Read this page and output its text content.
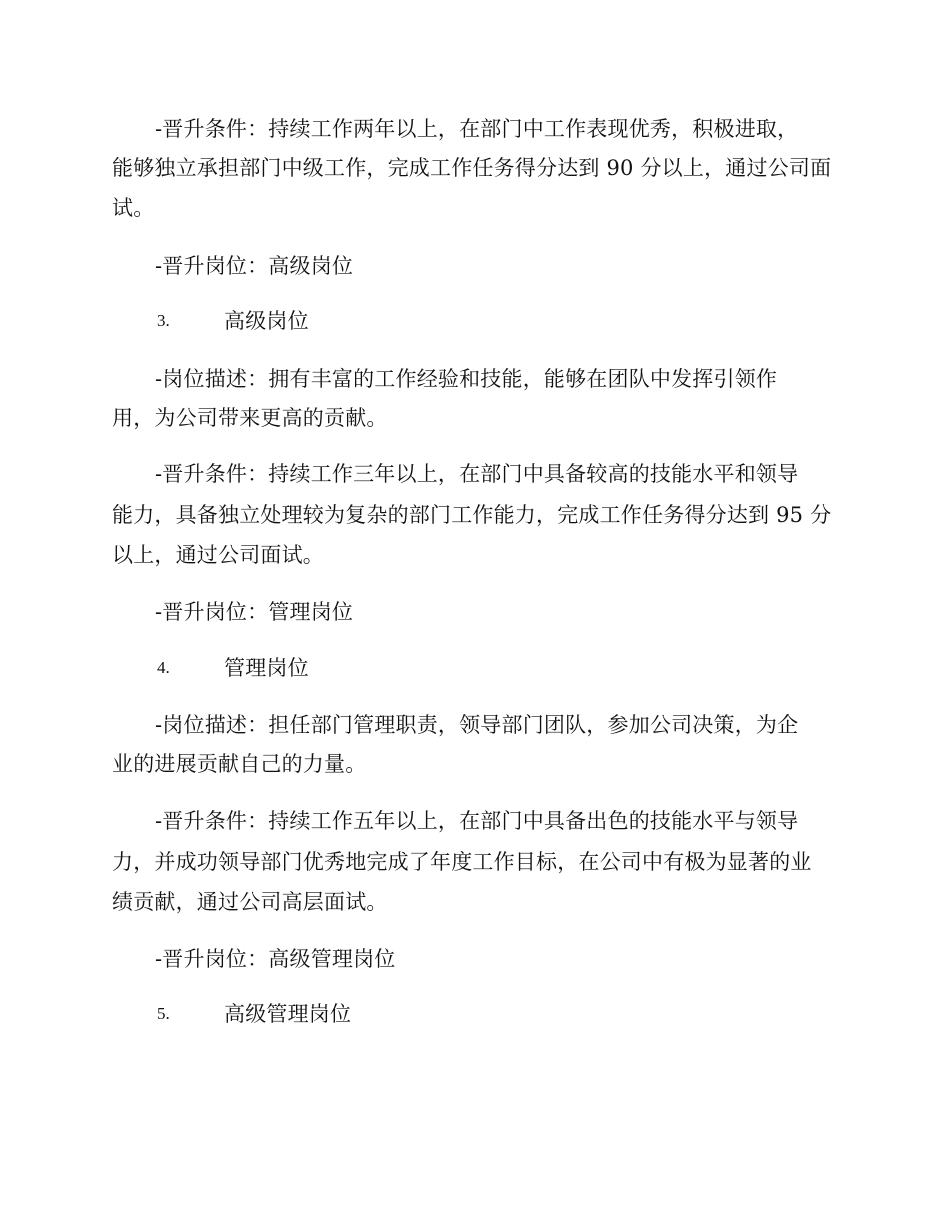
-晋升条件：持续工作两年以上，在部门中工作表现优秀，积极进取，
能够独立承担部门中级工作，完成工作任务得分达到 90 分以上，通过公司面
试。
-晋升岗位：高级岗位
3.	高级岗位
-岗位描述：拥有丰富的工作经验和技能，能够在团队中发挥引领作
用，为公司带来更高的贡献。
-晋升条件：持续工作三年以上，在部门中具备较高的技能水平和领导
能力，具备独立处理较为复杂的部门工作能力，完成工作任务得分达到 95 分
以上，通过公司面试。
-晋升岗位：管理岗位
4.	管理岗位
-岗位描述：担任部门管理职责，领导部门团队，参加公司决策，为企
业的进展贡献自己的力量。
-晋升条件：持续工作五年以上，在部门中具备出色的技能水平与领导
力，并成功领导部门优秀地完成了年度工作目标，在公司中有极为显著的业
绩贡献，通过公司高层面试。
-晋升岗位：高级管理岗位
5.	高级管理岗位
